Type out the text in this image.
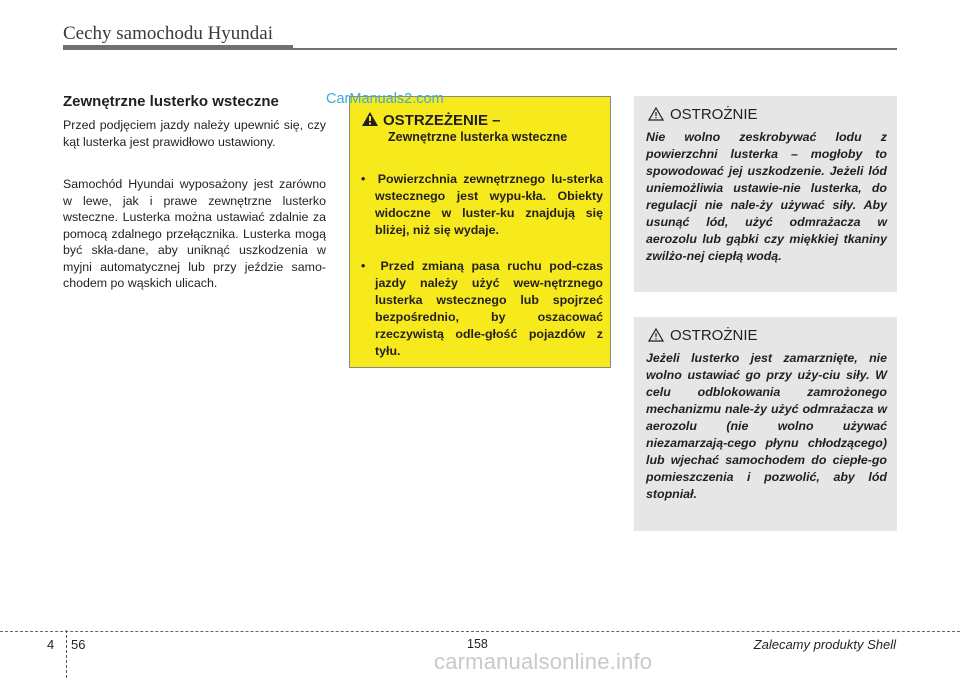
Cechy samochodu Hyundai
Zewnętrzne lusterko wsteczne
Przed podjęciem jazdy należy upewnić się, czy kąt lusterka jest prawidłowo ustawiony.
Samochód Hyundai wyposażony jest zarówno w lewe, jak i prawe zewnętrzne lusterko wsteczne. Lusterka można ustawiać zdalnie za pomocą zdalnego przełącznika. Lusterka mogą być skła-dane, aby uniknąć uszkodzenia w myjni automatycznej lub przy jeździe samo-chodem po wąskich ulicach.
OSTRZEŻENIE –
Zewnętrzne lusterka wsteczne
• Powierzchnia zewnętrznego lu-sterka wstecznego jest wypu-kła. Obiekty widoczne w luster-ku znajdują się bliżej, niż się wydaje.
• Przed zmianą pasa ruchu pod-czas jazdy należy użyć wew-nętrznego lusterka wstecznego lub spojrzeć bezpośrednio, by oszacować rzeczywistą odle-głość pojazdów z tyłu.
OSTROŻNIE
Nie wolno zeskrobywać lodu z powierzchni lusterka – mogłoby to spowodować jej uszkodzenie. Jeżeli lód uniemożliwia ustawie-nie lusterka, do regulacji nie nale-ży używać siły. Aby usunąć lód, użyć odmrażacza w aerozolu lub gąbki czy miękkiej tkaniny zwilżo-nej ciepłą wodą.
OSTROŻNIE
Jeżeli lusterko jest zamarznięte, nie wolno ustawiać go przy uży-ciu siły. W celu odblokowania zamrożonego mechanizmu nale-ży użyć odmrażacza w aerozolu (nie wolno używać niezamarzają-cego płynu chłodzącego) lub wjechać samochodem do ciepłe-go pomieszczenia i pozwolić, aby lód stopniał.
CarManuals2.com
4 56	158	Zalecamy produkty Shell
carmanualsonline.info
